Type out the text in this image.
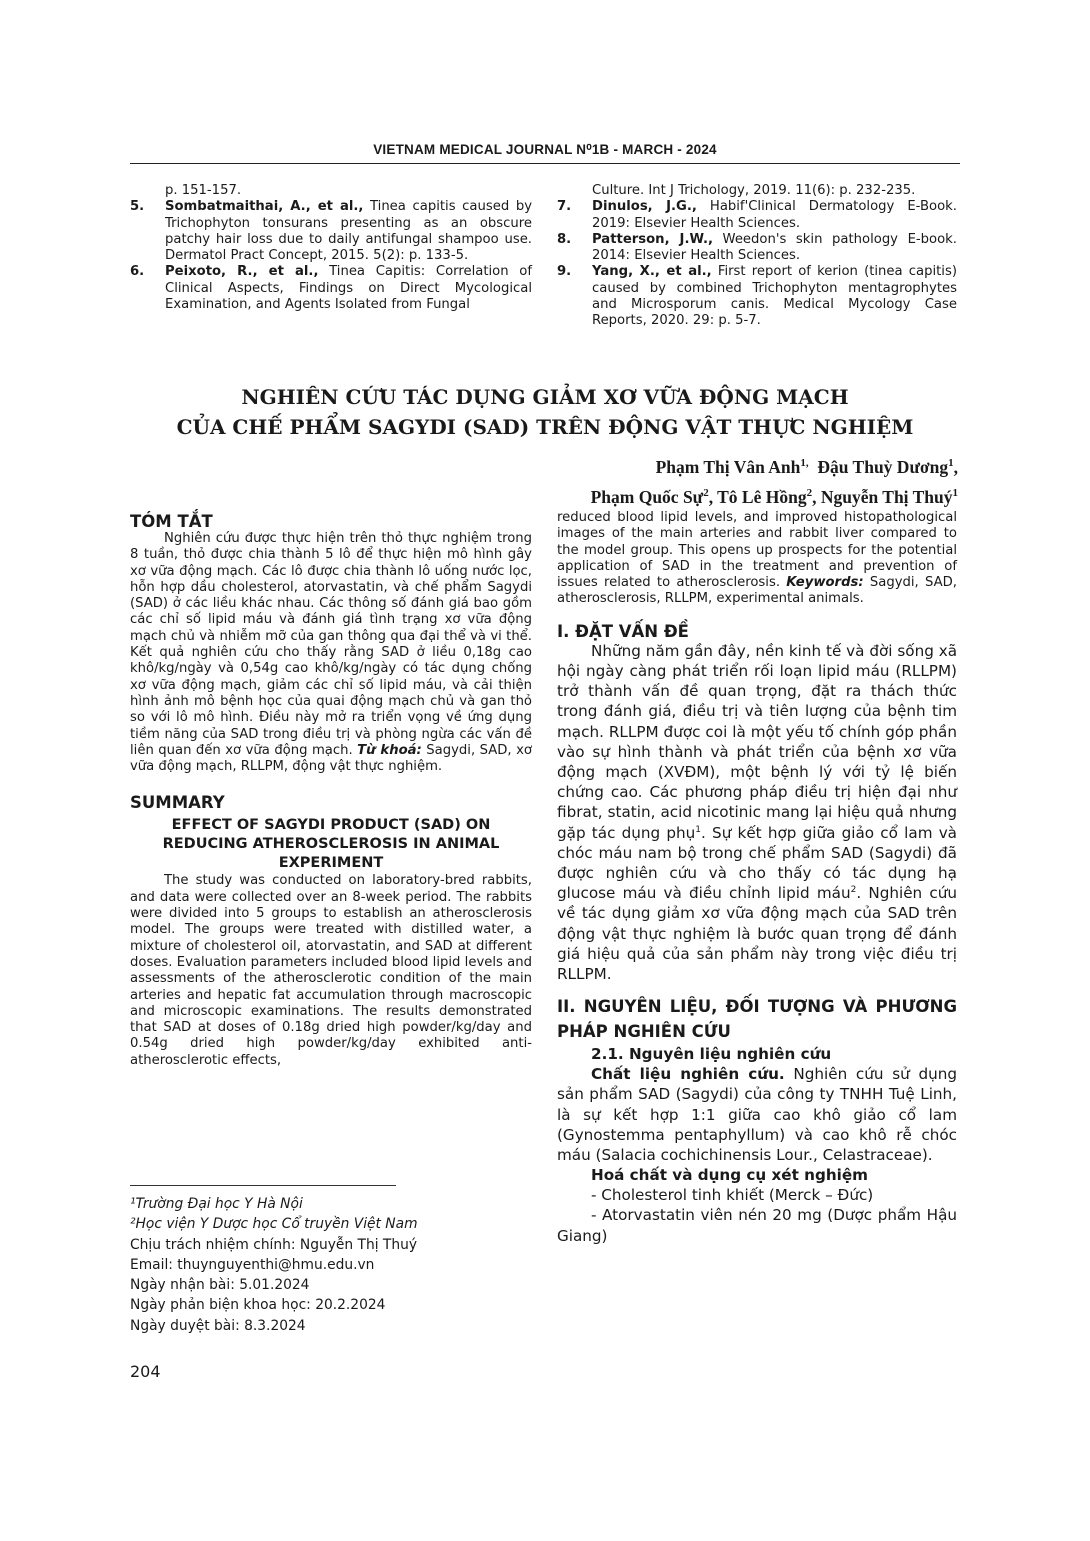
VIETNAM MEDICAL JOURNAL N⁰1B - MARCH - 2024
p. 151-157.
5.	Sombatmaithai, A., et al., Tinea capitis caused by Trichophyton tonsurans presenting as an obscure patchy hair loss due to daily antifungal shampoo use. Dermatol Pract Concept, 2015. 5(2): p. 133-5.
6.	Peixoto, R., et al., Tinea Capitis: Correlation of Clinical Aspects, Findings on Direct Mycological Examination, and Agents Isolated from Fungal
Culture. Int J Trichology, 2019. 11(6): p. 232-235.
7.	Dinulos, J.G., Habif'Clinical Dermatology E-Book. 2019: Elsevier Health Sciences.
8.	Patterson, J.W., Weedon's skin pathology E-book. 2014: Elsevier Health Sciences.
9.	Yang, X., et al., First report of kerion (tinea capitis) caused by combined Trichophyton mentagrophytes and Microsporum canis. Medical Mycology Case Reports, 2020. 29: p. 5-7.
NGHIÊN CỨU TÁC DỤNG GIẢM XƠ VỮA ĐỘNG MẠCH
CỦA CHẾ PHẨM SAGYDI (SAD) TRÊN ĐỘNG VẬT THỰC NGHIỆM
Phạm Thị Vân Anh$^{1,}$ Đậu Thuỳ Dương$^1$,
Phạm Quốc Sự$^2$, Tô Lê Hồng$^2$, Nguyễn Thị Thuý$^1$
TÓM TẮT

Nghiên cứu được thực hiện trên thỏ thực nghiệm trong 8 tuần, thỏ được chia thành 5 lô để thực hiện mô hình gây xơ vữa động mạch. Các lô được chia thành lô uống nước lọc, hỗn hợp dầu cholesterol, atorvastatin, và chế phẩm Sagydi (SAD) ở các liều khác nhau. Các thông số đánh giá bao gồm các chỉ số lipid máu và đánh giá tình trạng xơ vữa động mạch chủ và nhiễm mỡ của gan thông qua đại thể và vi thể. Kết quả nghiên cứu cho thấy rằng SAD ở liều 0,18g cao khô/kg/ngày và 0,54g cao khô/kg/ngày có tác dụng chống xơ vữa động mạch, giảm các chỉ số lipid máu, và cải thiện hình ảnh mô bệnh học của quai động mạch chủ và gan thỏ so với lô mô hình. Điều này mở ra triển vọng về ứng dụng tiềm năng của SAD trong điều trị và phòng ngừa các vấn đề liên quan đến xơ vữa động mạch. Từ khoá: Sagydi, SAD, xơ vữa động mạch, RLLPM, động vật thực nghiệm.

SUMMARY
EFFECT OF SAGYDI PRODUCT (SAD) ON REDUCING ATHEROSCLEROSIS IN ANIMAL EXPERIMENT

The study was conducted on laboratory-bred rabbits, and data were collected over an 8-week period. The rabbits were divided into 5 groups to establish an atherosclerosis model. The groups were treated with distilled water, a mixture of cholesterol oil, atorvastatin, and SAD at different doses. Evaluation parameters included blood lipid levels and assessments of the atherosclerotic condition of the main arteries and hepatic fat accumulation through macroscopic and microscopic examinations. The results demonstrated that SAD at doses of 0.18g dried high powder/kg/day and 0.54g dried high powder/kg/day exhibited anti-atherosclerotic effects,

¹Trường Đại học Y Hà Nội
²Học viện Y Dược học Cổ truyền Việt Nam
Chịu trách nhiệm chính: Nguyễn Thị Thuý
Email: thuynguyenthi@hmu.edu.vn
Ngày nhận bài: 5.01.2024
Ngày phản biện khoa học: 20.2.2024
Ngày duyệt bài: 8.3.2024
204

reduced blood lipid levels, and improved histopathological images of the main arteries and rabbit liver compared to the model group. This opens up prospects for the potential application of SAD in the treatment and prevention of issues related to atherosclerosis. Keywords: Sagydi, SAD, atherosclerosis, RLLPM, experimental animals.

I. ĐẶT VẤN ĐỀ

Những năm gần đây, nền kinh tế và đời sống xã hội ngày càng phát triển rối loạn lipid máu (RLLPM) trở thành vấn đề quan trọng, đặt ra thách thức trong đánh giá, điều trị và tiên lượng của bệnh tim mạch. RLLPM được coi là một yếu tố chính góp phần vào sự hình thành và phát triển của bệnh xơ vữa động mạch (XVĐM), một bệnh lý với tỷ lệ biến chứng cao. Các phương pháp điều trị hiện đại như fibrat, statin, acid nicotinic mang lại hiệu quả nhưng gặp tác dụng phụ$^1$. Sự kết hợp giữa giảo cổ lam và chóc máu nam bộ trong chế phẩm SAD (Sagydi) đã được nghiên cứu và cho thấy có tác dụng hạ glucose máu và điều chỉnh lipid máu$^2$. Nghiên cứu về tác dụng giảm xơ vữa động mạch của SAD trên động vật thực nghiệm là bước quan trọng để đánh giá hiệu quả của sản phẩm này trong việc điều trị RLLPM.

II. NGUYÊN LIỆU, ĐỐI TƯỢNG VÀ PHƯƠNG PHÁP NGHIÊN CỨU

2.1. Nguyên liệu nghiên cứu

Chất liệu nghiên cứu. Nghiên cứu sử dụng sản phẩm SAD (Sagydi) của công ty TNHH Tuệ Linh, là sự kết hợp 1:1 giữa cao khô giảo cổ lam (Gynostemma pentaphyllum) và cao khô rễ chóc máu (Salacia cochichinensis Lour., Celastraceae).

Hoá chất và dụng cụ xét nghiệm

- Cholesterol tinh khiết (Merck – Đức)

- Atorvastatin viên nén 20 mg (Dược phẩm Hậu Giang)
